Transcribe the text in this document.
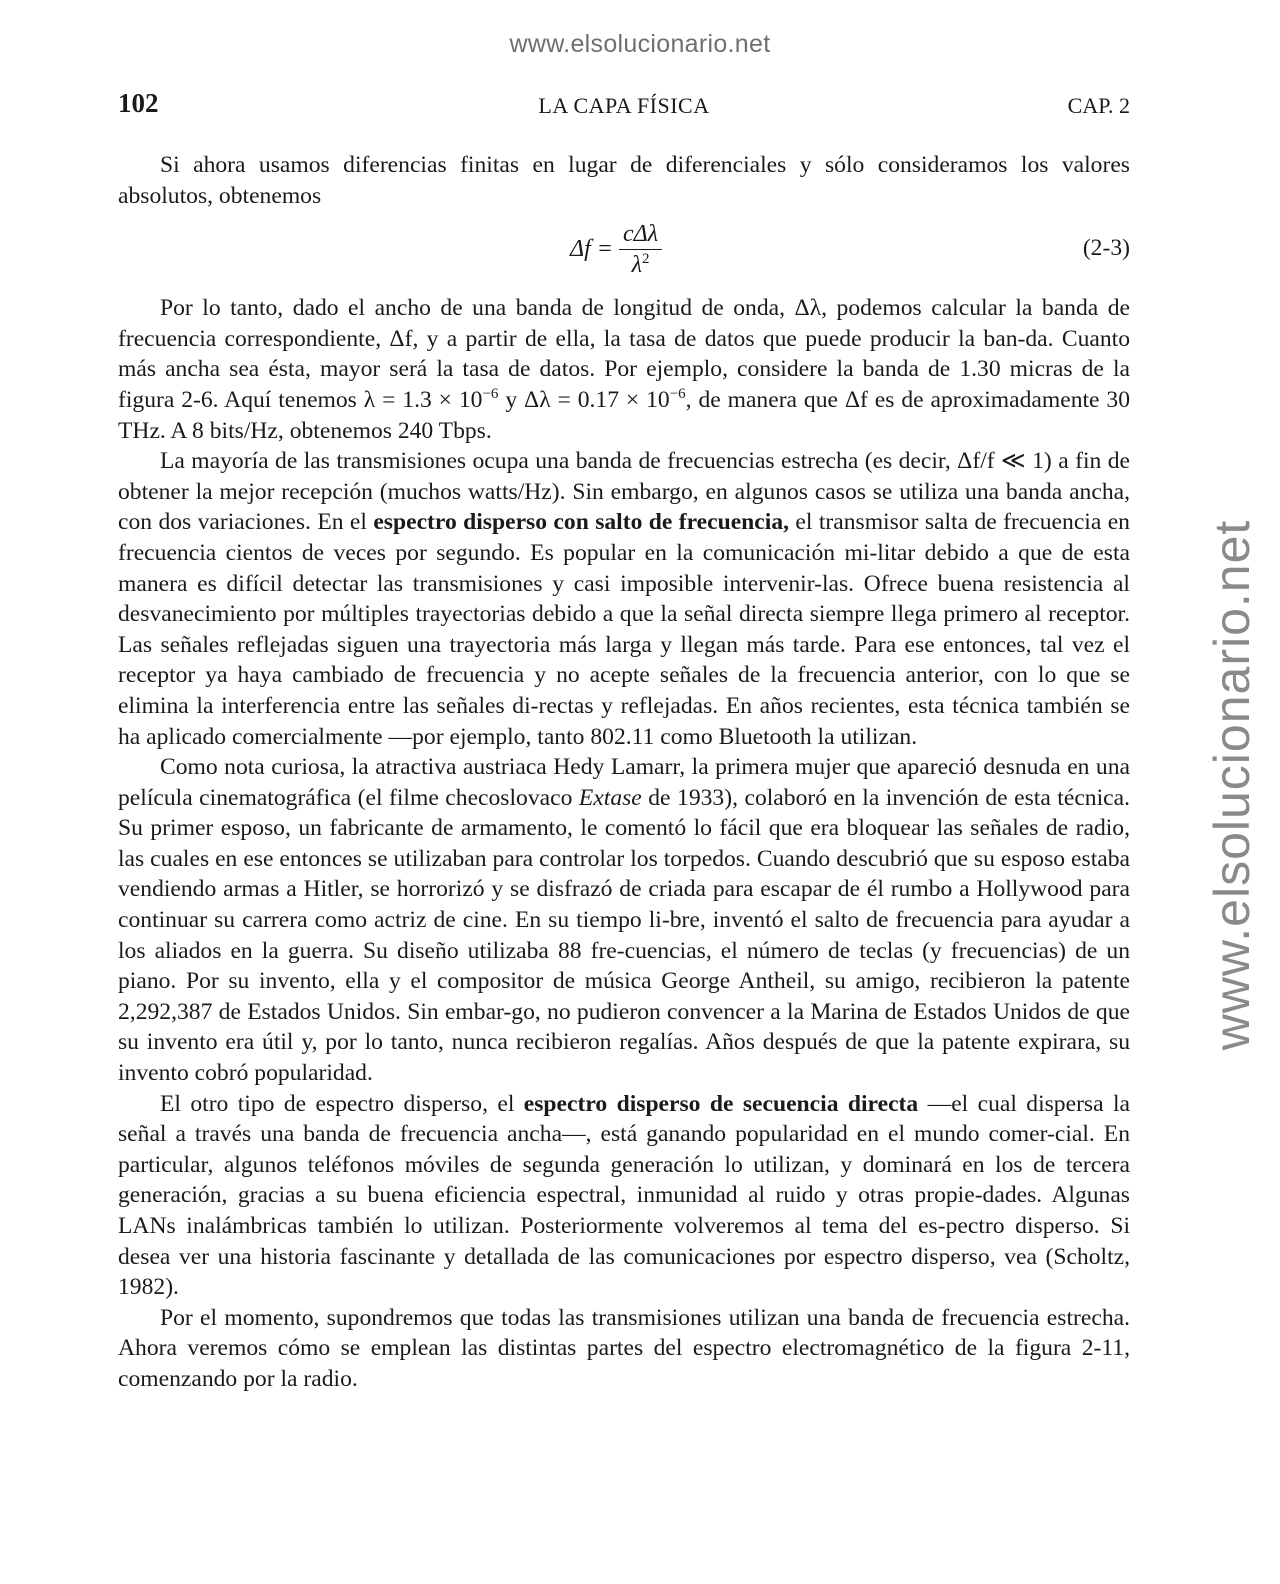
www.elsolucionario.net
www.elsolucionario.net
102	LA CAPA FÍSICA	CAP. 2

Si ahora usamos diferencias finitas en lugar de diferenciales y sólo consideramos los valores absolutos, obtenemos

$\Delta f = \frac{\text{cΔλ}}{\lambda^2}$	(2-3)

Por lo tanto, dado el ancho de una banda de longitud de onda, Δλ, podemos calcular la banda de frecuencia correspondiente, Δf, y a partir de ella, la tasa de datos que puede producir la ban-da. Cuanto más ancha sea ésta, mayor será la tasa de datos. Por ejemplo, considere la banda de 1.30 micras de la figura 2-6. Aquí tenemos $\lambda = 1.3 \times 10^{-6}$ y $\Delta\lambda = 0.17 \times 10^{-6}$, de manera que Δf es de aproximadamente 30 THz. A 8 bits/Hz, obtenemos 240 Tbps.

La mayoría de las transmisiones ocupa una banda de frecuencias estrecha (es decir, Δf/f ≪ 1) a fin de obtener la mejor recepción (muchos watts/Hz). Sin embargo, en algunos casos se utiliza una banda ancha, con dos variaciones. En el espectro disperso con salto de frecuencia, el transmisor salta de frecuencia en frecuencia cientos de veces por segundo. Es popular en la comunicación mi-litar debido a que de esta manera es difícil detectar las transmisiones y casi imposible intervenir-las. Ofrece buena resistencia al desvanecimiento por múltiples trayectorias debido a que la señal directa siempre llega primero al receptor. Las señales reflejadas siguen una trayectoria más larga y llegan más tarde. Para ese entonces, tal vez el receptor ya haya cambiado de frecuencia y no acepte señales de la frecuencia anterior, con lo que se elimina la interferencia entre las señales di-rectas y reflejadas. En años recientes, esta técnica también se ha aplicado comercialmente —por ejemplo, tanto 802.11 como Bluetooth la utilizan.

Como nota curiosa, la atractiva austriaca Hedy Lamarr, la primera mujer que apareció desnuda en una película cinematográfica (el filme checoslovaco Extase de 1933), colaboró en la invención de esta técnica. Su primer esposo, un fabricante de armamento, le comentó lo fácil que era bloquear las señales de radio, las cuales en ese entonces se utilizaban para controlar los torpedos. Cuando descubrió que su esposo estaba vendiendo armas a Hitler, se horrorizó y se disfrazó de criada para escapar de él rumbo a Hollywood para continuar su carrera como actriz de cine. En su tiempo li-bre, inventó el salto de frecuencia para ayudar a los aliados en la guerra. Su diseño utilizaba 88 fre-cuencias, el número de teclas (y frecuencias) de un piano. Por su invento, ella y el compositor de música George Antheil, su amigo, recibieron la patente 2,292,387 de Estados Unidos. Sin embar-go, no pudieron convencer a la Marina de Estados Unidos de que su invento era útil y, por lo tanto, nunca recibieron regalías. Años después de que la patente expirara, su invento cobró popularidad.

El otro tipo de espectro disperso, el espectro disperso de secuencia directa —el cual dispersa la señal a través una banda de frecuencia ancha—, está ganando popularidad en el mundo comer-cial. En particular, algunos teléfonos móviles de segunda generación lo utilizan, y dominará en los de tercera generación, gracias a su buena eficiencia espectral, inmunidad al ruido y otras propie-dades. Algunas LANs inalámbricas también lo utilizan. Posteriormente volveremos al tema del es-pectro disperso. Si desea ver una historia fascinante y detallada de las comunicaciones por espectro disperso, vea (Scholtz, 1982).

Por el momento, supondremos que todas las transmisiones utilizan una banda de frecuencia estrecha. Ahora veremos cómo se emplean las distintas partes del espectro electromagnético de la figura 2-11, comenzando por la radio.
